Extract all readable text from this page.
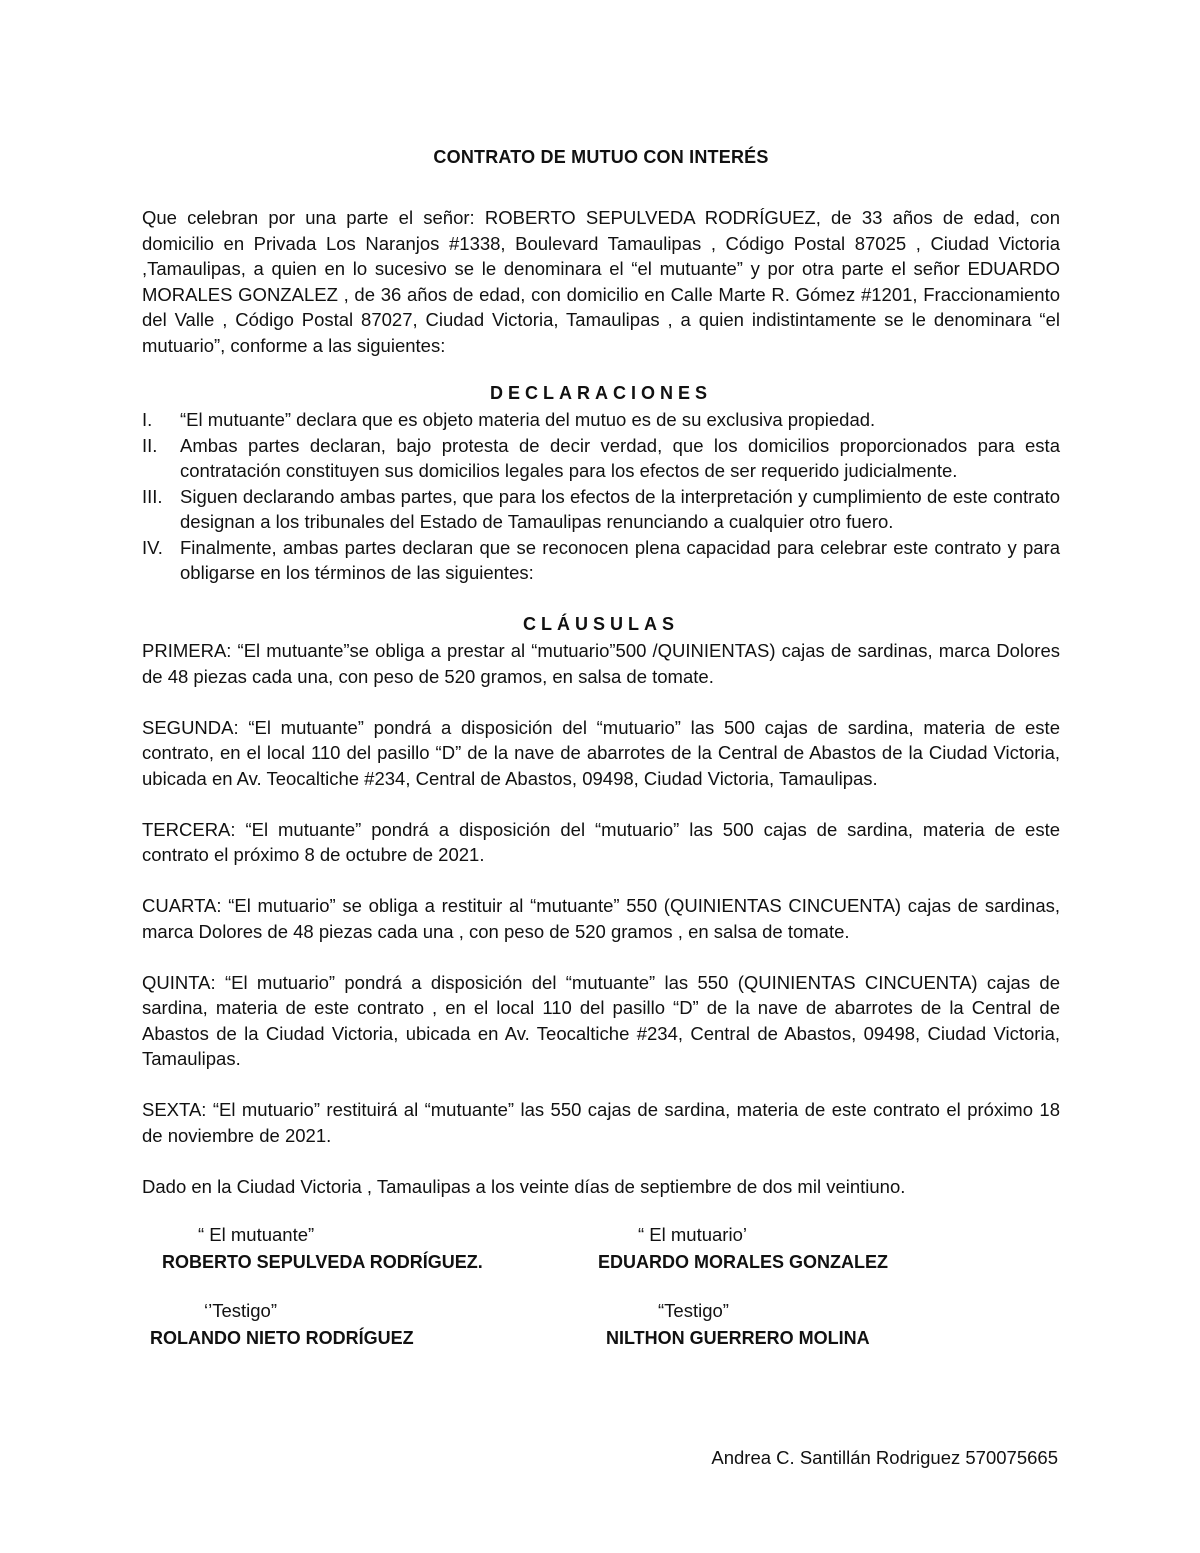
CONTRATO DE MUTUO CON INTERÉS
Que celebran por una parte el señor: ROBERTO SEPULVEDA RODRÍGUEZ, de 33 años de edad, con domicilio en Privada Los Naranjos #1338, Boulevard Tamaulipas , Código Postal 87025 , Ciudad Victoria ,Tamaulipas, a quien en lo sucesivo se le denominara el “el mutuante” y por otra parte el señor EDUARDO MORALES GONZALEZ , de 36 años de edad, con domicilio en Calle Marte R. Gómez #1201, Fraccionamiento del Valle , Código Postal 87027, Ciudad Victoria, Tamaulipas , a quien indistintamente se le denominara “el mutuario”, conforme a las siguientes:
DECLARACIONES
I.	“El mutuante” declara que es objeto materia del mutuo es de su exclusiva propiedad.
II.	Ambas partes declaran, bajo protesta de decir verdad, que los domicilios proporcionados para esta contratación constituyen sus domicilios legales para los efectos de ser requerido judicialmente.
III. Siguen declarando ambas partes, que para los efectos de la interpretación y cumplimiento de este contrato designan a los tribunales del Estado de Tamaulipas renunciando a cualquier otro fuero.
IV. Finalmente, ambas partes declaran que se reconocen plena capacidad para celebrar este contrato y para obligarse en los términos de las siguientes:
CLÁUSULAS

PRIMERA: “El mutuante”se obliga a prestar al “mutuario”500 /QUINIENTAS) cajas de sardinas, marca Dolores de 48 piezas cada una, con peso de 520 gramos, en salsa de tomate.

SEGUNDA: “El mutuante” pondrá a disposición del “mutuario” las 500 cajas de sardina, materia de este contrato, en el local 110 del pasillo “D” de la nave de abarrotes de la Central de Abastos de la Ciudad Victoria, ubicada en Av. Teocaltiche #234, Central de Abastos, 09498, Ciudad Victoria, Tamaulipas.

TERCERA: “El mutuante” pondrá a disposición del “mutuario” las 500 cajas de sardina, materia de este contrato el próximo 8 de octubre de 2021.

CUARTA: “El mutuario” se obliga a restituir al “mutuante” 550 (QUINIENTAS CINCUENTA) cajas de sardinas, marca Dolores de 48 piezas cada una , con peso de 520 gramos , en salsa de tomate.

QUINTA: “El mutuario” pondrá a disposición del “mutuante” las 550 (QUINIENTAS CINCUENTA) cajas de sardina, materia de este contrato , en el local 110 del pasillo “D” de la nave de abarrotes de la Central de Abastos de la Ciudad Victoria, ubicada en Av. Teocaltiche #234, Central de Abastos, 09498, Ciudad Victoria, Tamaulipas.

SEXTA: “El mutuario” restituirá al “mutuante” las 550 cajas de sardina, materia de este contrato el próximo 18 de noviembre de 2021.

Dado en la Ciudad Victoria , Tamaulipas a los veinte días de septiembre de dos mil veintiuno.

“ El mutuante”
ROBERTO SEPULVEDA RODRÍGUEZ.
“ El mutuario’
EDUARDO MORALES GONZALEZ
‘’Testigo”
ROLANDO NIETO RODRÍGUEZ
“Testigo”
NILTHON GUERRERO MOLINA
Andrea C. Santillán Rodriguez 570075665
